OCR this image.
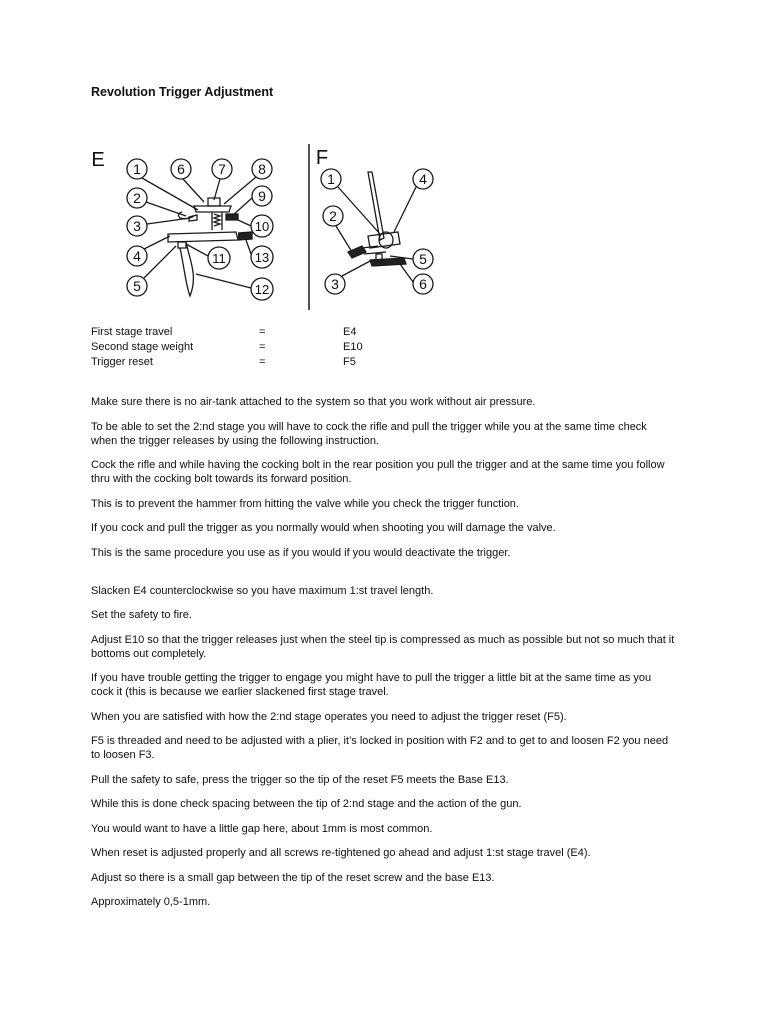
Revolution Trigger Adjustment
E 1	6 7 8
2	9
3	10
4	11 13
5	12
F
1	4
2
5
3	6
First stage travel	=	E4
Second stage weight	=	E10
Trigger reset	=	F5

Make sure there is no air-tank attached to the system so that you work without air pressure.

To be able to set the 2:nd stage you will have to cock the rifle and pull the trigger while you at the same time check when the trigger releases by using the following instruction.

Cock the rifle and while having the cocking bolt in the rear position you pull the trigger and at the same time you follow thru with the cocking bolt towards its forward position.

This is to prevent the hammer from hitting the valve while you check the trigger function.

If you cock and pull the trigger as you normally would when shooting you will damage the valve.

This is the same procedure you use as if you would if you would deactivate the trigger.

Slacken E4 counterclockwise so you have maximum 1:st travel length.

Set the safety to fire.

Adjust E10 so that the trigger releases just when the steel tip is compressed as much as possible but not so much that it bottoms out completely.

If you have trouble getting the trigger to engage you might have to pull the trigger a little bit at the same time as you cock it (this is because we earlier slackened first stage travel.

When you are satisfied with how the 2:nd stage operates you need to adjust the trigger reset (F5).

F5 is threaded and need to be adjusted with a plier, it’s locked in position with F2 and to get to and loosen F2 you need to loosen F3.

Pull the safety to safe, press the trigger so the tip of the reset F5 meets the Base E13.

While this is done check spacing between the tip of 2:nd stage and the action of the gun.

You would want to have a little gap here, about 1mm is most common.

When reset is adjusted properly and all screws re-tightened go ahead and adjust 1:st stage travel (E4).

Adjust so there is a small gap between the tip of the reset screw and the base E13.

Approximately 0,5-1mm.
